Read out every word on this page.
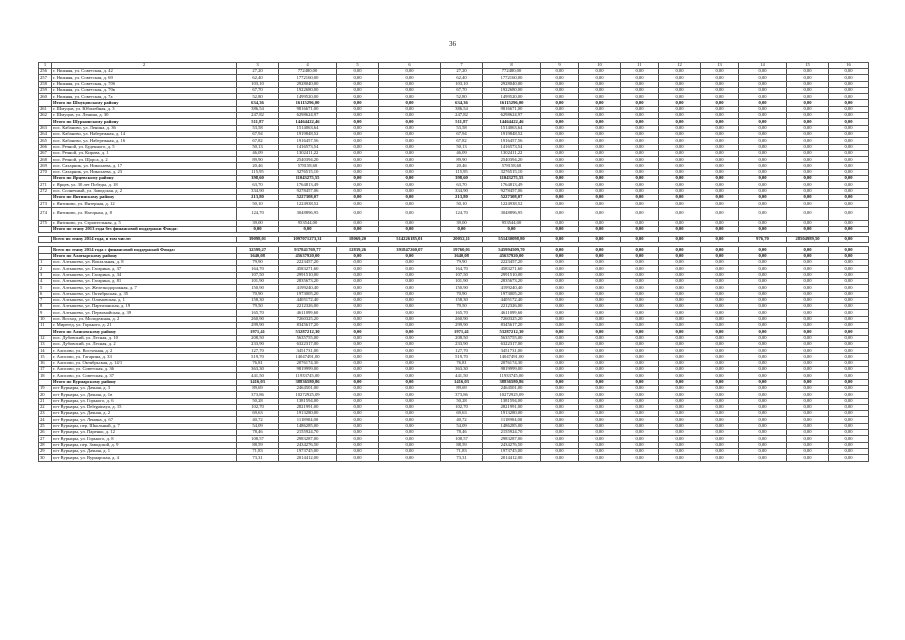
36
1	2	3	4	5	6	7	8	9	10	11	12	13	14	15	16
256	г. Нижняя, ул. Советская, д. 42	27,20	772480,00	0,00	0,00	27,20	772480,00	0,00	0,00	0,00	0,00	0,00	0,00	0,00	0,00
257	г. Нижняя, ул. Советская, д. 69	62,40	1772160,00	0,00	0,00	62,40	1772160,00	0,00	0,00	0,00	0,00	0,00	0,00	0,00	0,00
258	г. Нижняя, ул. Советская, д. 70б	103,10	2928040,00	0,00	0,00	103,10	2928040,00	0,00	0,00	0,00	0,00	0,00	0,00	0,00	0,00
259	г. Нижняя, ул. Советская, д. 70в	67,70	1922680,00	0,00	0,00	67,70	1922680,00	0,00	0,00	0,00	0,00	0,00	0,00	0,00	0,00
260	г. Нижняя, ул. Советская, д. 7а	52,80	1499520,00	0,00	0,00	52,80	1499520,00	0,00	0,00	0,00	0,00	0,00	0,00	0,00	0,00
	Итого по Шмуцовскому району	634,36	16115296,00	0,00	0,00	634,36	16115296,00	0,00	0,00	0,00	0,00	0,00	0,00	0,00	0,00
261	г. Шмуцов, ул. Юбилейная, д. 3	386,54	9816671,00	0,00	0,00	386,54	9816671,00	0,00	0,00	0,00	0,00	0,00	0,00	0,00	0,00
262	г. Шмуцов, ул. Ленина, д. 30	247,82	6298624,97	0,00	0,00	247,82	6298624,97	0,00	0,00	0,00	0,00	0,00	0,00	0,00	0,00
	Итого по Шуркинскому району	511,87	14464422,46	0,00	0,00	511,87	14464422,46	0,00	0,00	0,00	0,00	0,00	0,00	0,00	0,00
263	пос. Кабаново, ул. Ленина, д. 36	53,58	1514063,64	0,00	0,00	53,58	1514063,64	0,00	0,00	0,00	0,00	0,00	0,00	0,00	0,00
264	пос. Кабаново, ул. Набережная, д. 14	67,94	1919848,52	0,00	0,00	67,94	1919848,52	0,00	0,00	0,00	0,00	0,00	0,00	0,00	0,00
265	пос. Кабаново, ул. Набережная, д. 16	67,82	1916457,56	0,00	0,00	67,82	1916457,56	0,00	0,00	0,00	0,00	0,00	0,00	0,00	0,00
266	пос. Речной, ул. Буденного, д. 5	50,13	1416573,54	0,00	0,00	50,13	1416573,54	0,00	0,00	0,00	0,00	0,00	0,00	0,00	0,00
267	пос. Речной, ул. Кирова, д. 1	46,09	1302411,22	0,00	0,00	46,09	1302411,22	0,00	0,00	0,00	0,00	0,00	0,00	0,00	0,00
268	пос. Речной, ул. Щорса, д. 2	89,90	2540394,20	0,00	0,00	89,90	2540394,20	0,00	0,00	0,00	0,00	0,00	0,00	0,00	0,00
269	пос. Сахарник, ул. Николаева, д. 17	20,46	578158,68	0,00	0,00	20,46	578158,68	0,00	0,00	0,00	0,00	0,00	0,00	0,00	0,00
270	пос. Сахарник, ул. Николаева, д. 23	115,95	3276515,10	0,00	0,00	115,95	3276515,10	0,00	0,00	0,00	0,00	0,00	0,00	0,00	0,00
	Итого по Ярцевскому району	398,60	11043275,55	0,00	0,00	398,60	11043275,55	0,00	0,00	0,00	0,00	0,00	0,00	0,00	0,00
271	г. Ярцев, ул. 30 лет Победы, д. 18	63,70	1764813,49	0,00	0,00	63,70	1764813,49	0,00	0,00	0,00	0,00	0,00	0,00	0,00	0,00
272	пос. Солнечный, ул. Заводская, д. 2	334,90	9278457,06	0,00	0,00	334,90	9278457,06	0,00	0,00	0,00	0,00	0,00	0,00	0,00	0,00
	Итого по Янтинскому району	213,80	5227308,07	0,00	0,00	213,80	5227308,07	0,00	0,00	0,00	0,00	0,00	0,00	0,00	0,00
273	г. Янтиково, ул. Интерная, д. 12	50,10	1224938,52	0,00	0,00	50,10	1224938,52	0,00	0,00	0,00	0,00	0,00	0,00	0,00	0,00
274	г. Янтиково, ул. Нагорная, д. 8	124,70	3048896,95	0,00	0,00	124,70	3048896,95	0,00	0,00	0,00	0,00	0,00	0,00	0,00	0,00
275	г. Янтиково, ул. Строительная, д. 5	39,00	953544,00	0,00	0,00	39,00	953544,00	0,00	0,00	0,00	0,00	0,00	0,00	0,00	0,00
	Итого по этапу 2013 года без финансовой поддержки Фонда:	0,00	0,00	0,00	0,00	0,00	0,00	0,00	0,00	0,00	0,00	0,00	0,00	0,00	0,00

	Всего по этапу 2014 года, в том числе:	39098,01	1097071273,31	18069,20	514226185,01	20052,11	551430098,80	0,00	0,00	0,00	0,00	0,00	976,70	28504989,50	0,00

	Всего по этапу 2014 года с финансовой поддержкой Фонда:	32599,27	937841769,77	12839,26	391847260,07	19760,01	545994509,70	0,00	0,00	0,00	0,00	0,00	0,00	0,00	0,00
	Итого по Алатырскому району	1640,08	45637920,00	0,00	0,00	1640,08	45637920,00	0,00	0,00	0,00	0,00	0,00	0,00	0,00	0,00
1	пос. Алтышево, ул. Вокзальная, д. 8	79,90	2223457,20	0,00	0,00	79,90	2223457,20	0,00	0,00	0,00	0,00	0,00	0,00	0,00	0,00
2	пос. Алтышево, ул. Гагарина, д. 37	164,70	4583271,60	0,00	0,00	164,70	4583271,60	0,00	0,00	0,00	0,00	0,00	0,00	0,00	0,00
3	пос. Алтышево, ул. Гагарина, д. 34	107,50	2991510,00	0,00	0,00	107,50	2991510,00	0,00	0,00	0,00	0,00	0,00	0,00	0,00	0,00
4	пос. Алтышево, ул. Гагарина, д. 81	101,90	2835673,20	0,00	0,00	101,90	2835673,20	0,00	0,00	0,00	0,00	0,00	0,00	0,00	0,00
5	пос. Алтышево, ул. Железнодорожная, д. 7	150,90	4199240,40	0,00	0,00	150,90	4199240,40	0,00	0,00	0,00	0,00	0,00	0,00	0,00	0,00
6	пос. Алтышево, ул. Октябрьская, д. 35	70,90	1973005,20	0,00	0,00	70,90	1973005,20	0,00	0,00	0,00	0,00	0,00	0,00	0,00	0,00
7	пос. Алтышево, ул. Олимовская, д. 1	158,30	4405172,40	0,00	0,00	158,30	4405172,40	0,00	0,00	0,00	0,00	0,00	0,00	0,00	0,00
8	пос. Алтышево, ул. Партизанская, д. 19	79,50	2212326,00	0,00	0,00	79,50	2212326,00	0,00	0,00	0,00	0,00	0,00	0,00	0,00	0,00
9	пос. Алтышево, ул. Первомайская, д. 39	165,70	4611099,60	0,00	0,00	165,70	4611099,60	0,00	0,00	0,00	0,00	0,00	0,00	0,00	0,00
10	пос. Восход, ул. Молодежная, д. 2	260,90	7260325,20	0,00	0,00	260,90	7260325,20	0,00	0,00	0,00	0,00	0,00	0,00	0,00	0,00
11	г. Мирегед, ул. Горького, д. 21	299,90	8345617,20	0,00	0,00	299,90	8345617,20	0,00	0,00	0,00	0,00	0,00	0,00	0,00	0,00
	Итого по Алисовскому району	1971,41	53287212,30	0,00	0,00	1971,41	53287212,30	0,00	0,00	0,00	0,00	0,00	0,00	0,00	0,00
12	пос. Дубовский, ул. Лесная, д. 10	208,50	5635755,00	0,00	0,00	208,50	5635755,00	0,00	0,00	0,00	0,00	0,00	0,00	0,00	0,00
13	пос. Дубовский, ул. Лесная, д. 2	233,90	6322317,00	0,00	0,00	233,90	6322317,00	0,00	0,00	0,00	0,00	0,00	0,00	0,00	0,00
14	г. Алисово, ул. Восточная, д. 2	127,70	3451731,00	0,00	0,00	127,70	3451731,00	0,00	0,00	0,00	0,00	0,00	0,00	0,00	0,00
15	г. Алисово, ул. Гагарина, д. 33	519,70	14047491,00	0,00	0,00	519,70	14047491,00	0,00	0,00	0,00	0,00	0,00	0,00	0,00	0,00
16	г. Алисово, ул. Октябрьская, д. 14/1	76,81	2076174,30	0,00	0,00	76,81	2076174,30	0,00	0,00	0,00	0,00	0,00	0,00	0,00	0,00
17	г. Алисово, ул. Советская, д. 36	363,30	9819999,00	0,00	0,00	363,30	9819999,00	0,00	0,00	0,00	0,00	0,00	0,00	0,00	0,00
18	г. Алисово, ул. Советская, д. 37	441,50	11933745,00	0,00	0,00	441,50	11933745,00	0,00	0,00	0,00	0,00	0,00	0,00	0,00	0,00
	Итого по Вурнарскому району	1416,03	38836580,86	0,00	0,00	1416,03	38836580,86	0,00	0,00	0,00	0,00	0,00	0,00	0,00	0,00
19	пгт Вурнары, ул. Дачная, д. 3	89,69	2464501,00	0,00	0,00	89,69	2464501,00	0,00	0,00	0,00	0,00	0,00	0,00	0,00	0,00
20	пгт Вурнары, ул. Дачная, д. 1в	373,86	10272925,09	0,00	0,00	373,86	10272925,09	0,00	0,00	0,00	0,00	0,00	0,00	0,00	0,00
21	пгт Вурнары, ул. Горького, д. 6	50,28	1381594,00	0,00	0,00	50,28	1381594,00	0,00	0,00	0,00	0,00	0,00	0,00	0,00	0,00
22	пгт Вурнары, ул. Delegatnaya, д. 15	102,70	2821991,00	0,00	0,00	102,70	2821991,00	0,00	0,00	0,00	0,00	0,00	0,00	0,00	0,00
23	пгт Вурнары, ул. Дачная, д. 2	69,63	1913280,00	0,00	0,00	69,63	1913280,00	0,00	0,00	0,00	0,00	0,00	0,00	0,00	0,00
24	пгт Вурнары, ул. Ленина, д. 67	40,72	1118904,00	0,00	0,00	40,72	1118904,00	0,00	0,00	0,00	0,00	0,00	0,00	0,00	0,00
25	пгт Вурнары, пер. Школьный, д. 7	54,09	1486285,00	0,00	0,00	54,09	1486285,00	0,00	0,00	0,00	0,00	0,00	0,00	0,00	0,00
26	пгт Вурнары, ул. Паренко, д. 12	78,46	2155924,70	0,00	0,00	78,46	2155924,70	0,00	0,00	0,00	0,00	0,00	0,00	0,00	0,00
27	пгт Вурнары, ул. Горького, д. 8	108,57	2983287,00	0,00	0,00	108,57	2983287,00	0,00	0,00	0,00	0,00	0,00	0,00	0,00	0,00
28	пгт Вурнары, пер. Заводской, д. 9	88,59	2434276,50	0,00	0,00	88,59	2434276,50	0,00	0,00	0,00	0,00	0,00	0,00	0,00	0,00
29	пгт Вурнары, ул. Дачная, д. 1	71,83	1973745,00	0,00	0,00	71,83	1973745,00	0,00	0,00	0,00	0,00	0,00	0,00	0,00	0,00
30	пгт Вурнары, ул. Вурнарская, д. 4	73,31	2014412,00	0,00	0,00	73,31	2014412,00	0,00	0,00	0,00	0,00	0,00	0,00	0,00	0,00
